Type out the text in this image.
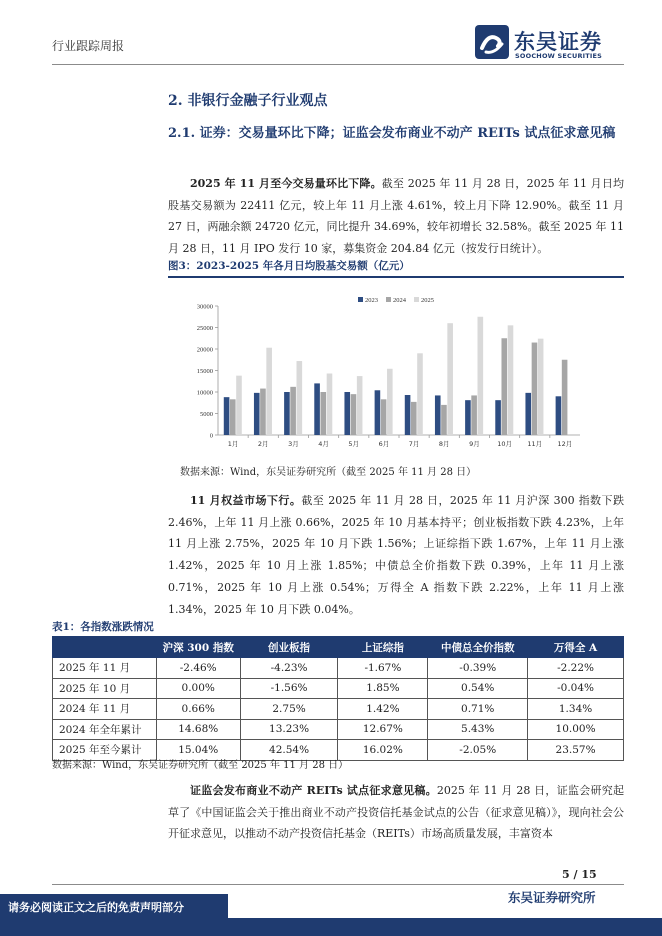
行业跟踪周报	东吴证券
SOOCHOW SECURITIES
2. 非银行金融子行业观点
2.1. 证券：交易量环比下降；证监会发布商业不动产 REITs 试点征求意见稿
2025 年 11 月至今交易量环比下降。截至 2025 年 11 月 28 日，2025 年 11 月日均股基交易额为 22411 亿元，较上年 11 月上涨 4.61%，较上月下降 12.90%。截至 11 月 27 日，两融余额 24720 亿元，同比提升 34.69%，较年初增长 32.58%。截至 2025 年 11 月 28 日，11 月 IPO 发行 10 家，募集资金 204.84 亿元（按发行日统计）。
图3：2023-2025 年各月日均股基交易额（亿元）
0
5000
10000
15000
20000
25000
30000
1月	2月	3月	4月	5月	6月	7月	8月	9月	10月 11月 12月
2023 2024 2025
数据来源：Wind，东吴证券研究所（截至 2025 年 11 月 28 日）
11 月权益市场下行。截至 2025 年 11 月 28 日，2025 年 11 月沪深 300 指数下跌 2.46%，上年 11 月上涨 0.66%，2025 年 10 月基本持平；创业板指数下跌 4.23%，上年 11 月上涨 2.75%，2025 年 10 月下跌 1.56%；上证综指下跌 1.67%，上年 11 月上涨 1.42%，2025 年 10 月上涨 1.85%；中债总全价指数下跌 0.39%，上年 11 月上涨 0.71%，2025 年 10 月上涨 0.54%；万得全 A 指数下跌 2.22%，上年 11 月上涨 1.34%，2025 年 10 月下跌 0.04%。
表1：各指数涨跌情况
	沪深 300 指数	创业板指	上证综指	中债总全价指数	万得全 A
2025 年 11 月	-2.46%	-4.23%	-1.67%	-0.39%	-2.22%
2025 年 10 月	0.00%	-1.56%	1.85%	0.54%	-0.04%
2024 年 11 月	0.66%	2.75%	1.42%	0.71%	1.34%
2024 年全年累计	14.68%	13.23%	12.67%	5.43%	10.00%
2025 年至今累计	15.04%	42.54%	16.02%	-2.05%	23.57%
数据来源：Wind，东吴证券研究所（截至 2025 年 11 月 28 日）
证监会发布商业不动产 REITs 试点征求意见稿。2025 年 11 月 28 日，证监会研究起草了《中国证监会关于推出商业不动产投资信托基金试点的公告（征求意见稿）》，现向社会公开征求意见，以推动不动产投资信托基金（REITs）市场高质量发展，丰富资本
5 / 15
东吴证券研究所
请务必阅读正文之后的免责声明部分
